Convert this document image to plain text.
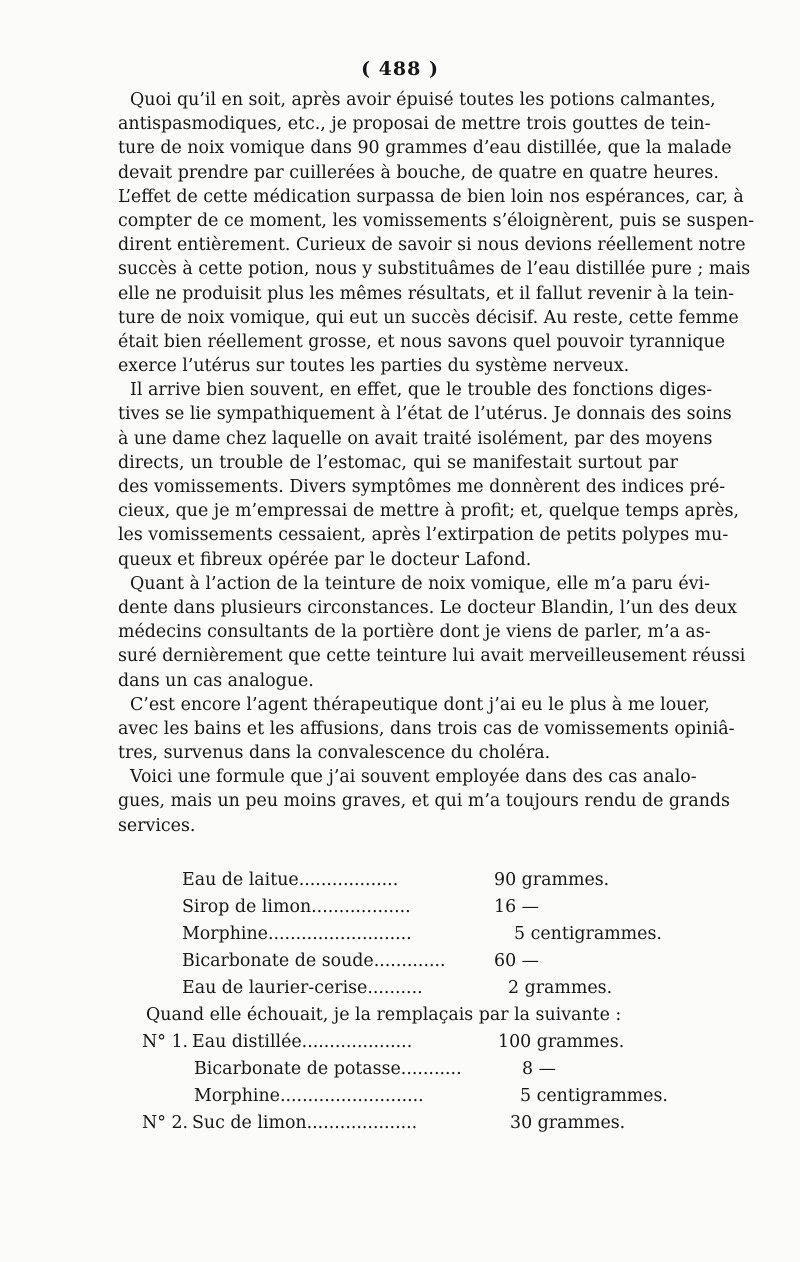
( 488 )
Quoi qu’il en soit, après avoir épuisé toutes les potions calmantes,
antispasmodiques, etc., je proposai de mettre trois gouttes de tein-
ture de noix vomique dans 90 grammes d’eau distillée, que la malade
devait prendre par cuillerées à bouche, de quatre en quatre heures.
L’effet de cette médication surpassa de bien loin nos espérances, car, à
compter de ce moment, les vomissements s’éloignèrent, puis se suspen-
dirent entièrement. Curieux de savoir si nous devions réellement notre
succès à cette potion, nous y substituâmes de l’eau distillée pure ; mais
elle ne produisit plus les mêmes résultats, et il fallut revenir à la tein-
ture de noix vomique, qui eut un succès décisif. Au reste, cette femme
était bien réellement grosse, et nous savons quel pouvoir tyrannique
exerce l’utérus sur toutes les parties du système nerveux.
Il arrive bien souvent, en effet, que le trouble des fonctions diges-
tives se lie sympathiquement à l’état de l’utérus. Je donnais des soins
à une dame chez laquelle on avait traité isolément, par des moyens
directs, un trouble de l’estomac, qui se manifestait surtout par
des vomissements. Divers symptômes me donnèrent des indices pré-
cieux, que je m’empressai de mettre à profit; et, quelque temps après,
les vomissements cessaient, après l’extirpation de petits polypes mu-
queux et fibreux opérée par le docteur Lafond.
Quant à l’action de la teinture de noix vomique, elle m’a paru évi-
dente dans plusieurs circonstances. Le docteur Blandin, l’un des deux
médecins consultants de la portière dont je viens de parler, m’a as-
suré dernièrement que cette teinture lui avait merveilleusement réussi
dans un cas analogue.
C’est encore l’agent thérapeutique dont j’ai eu le plus à me louer,
avec les bains et les affusions, dans trois cas de vomissements opiniâ-
tres, survenus dans la convalescence du choléra.
Voici une formule que j’ai souvent employée dans des cas analo-
gues, mais un peu moins graves, et qui m’a toujours rendu de grands
services.
Eau de laitue..................	90 grammes.
Sirop de limon..................	16 —
Morphine..........................	5 centigrammes.
Bicarbonate de soude.............	60 —
Eau de laurier-cerise..........	2 grammes.
Quand elle échouait, je la remplaçais par la suivante :
N° 1. Eau distillée....................	100 grammes.
Bicarbonate de potasse...........	8 —
Morphine..........................	5 centigrammes.
N° 2. Suc de limon....................	30 grammes.
